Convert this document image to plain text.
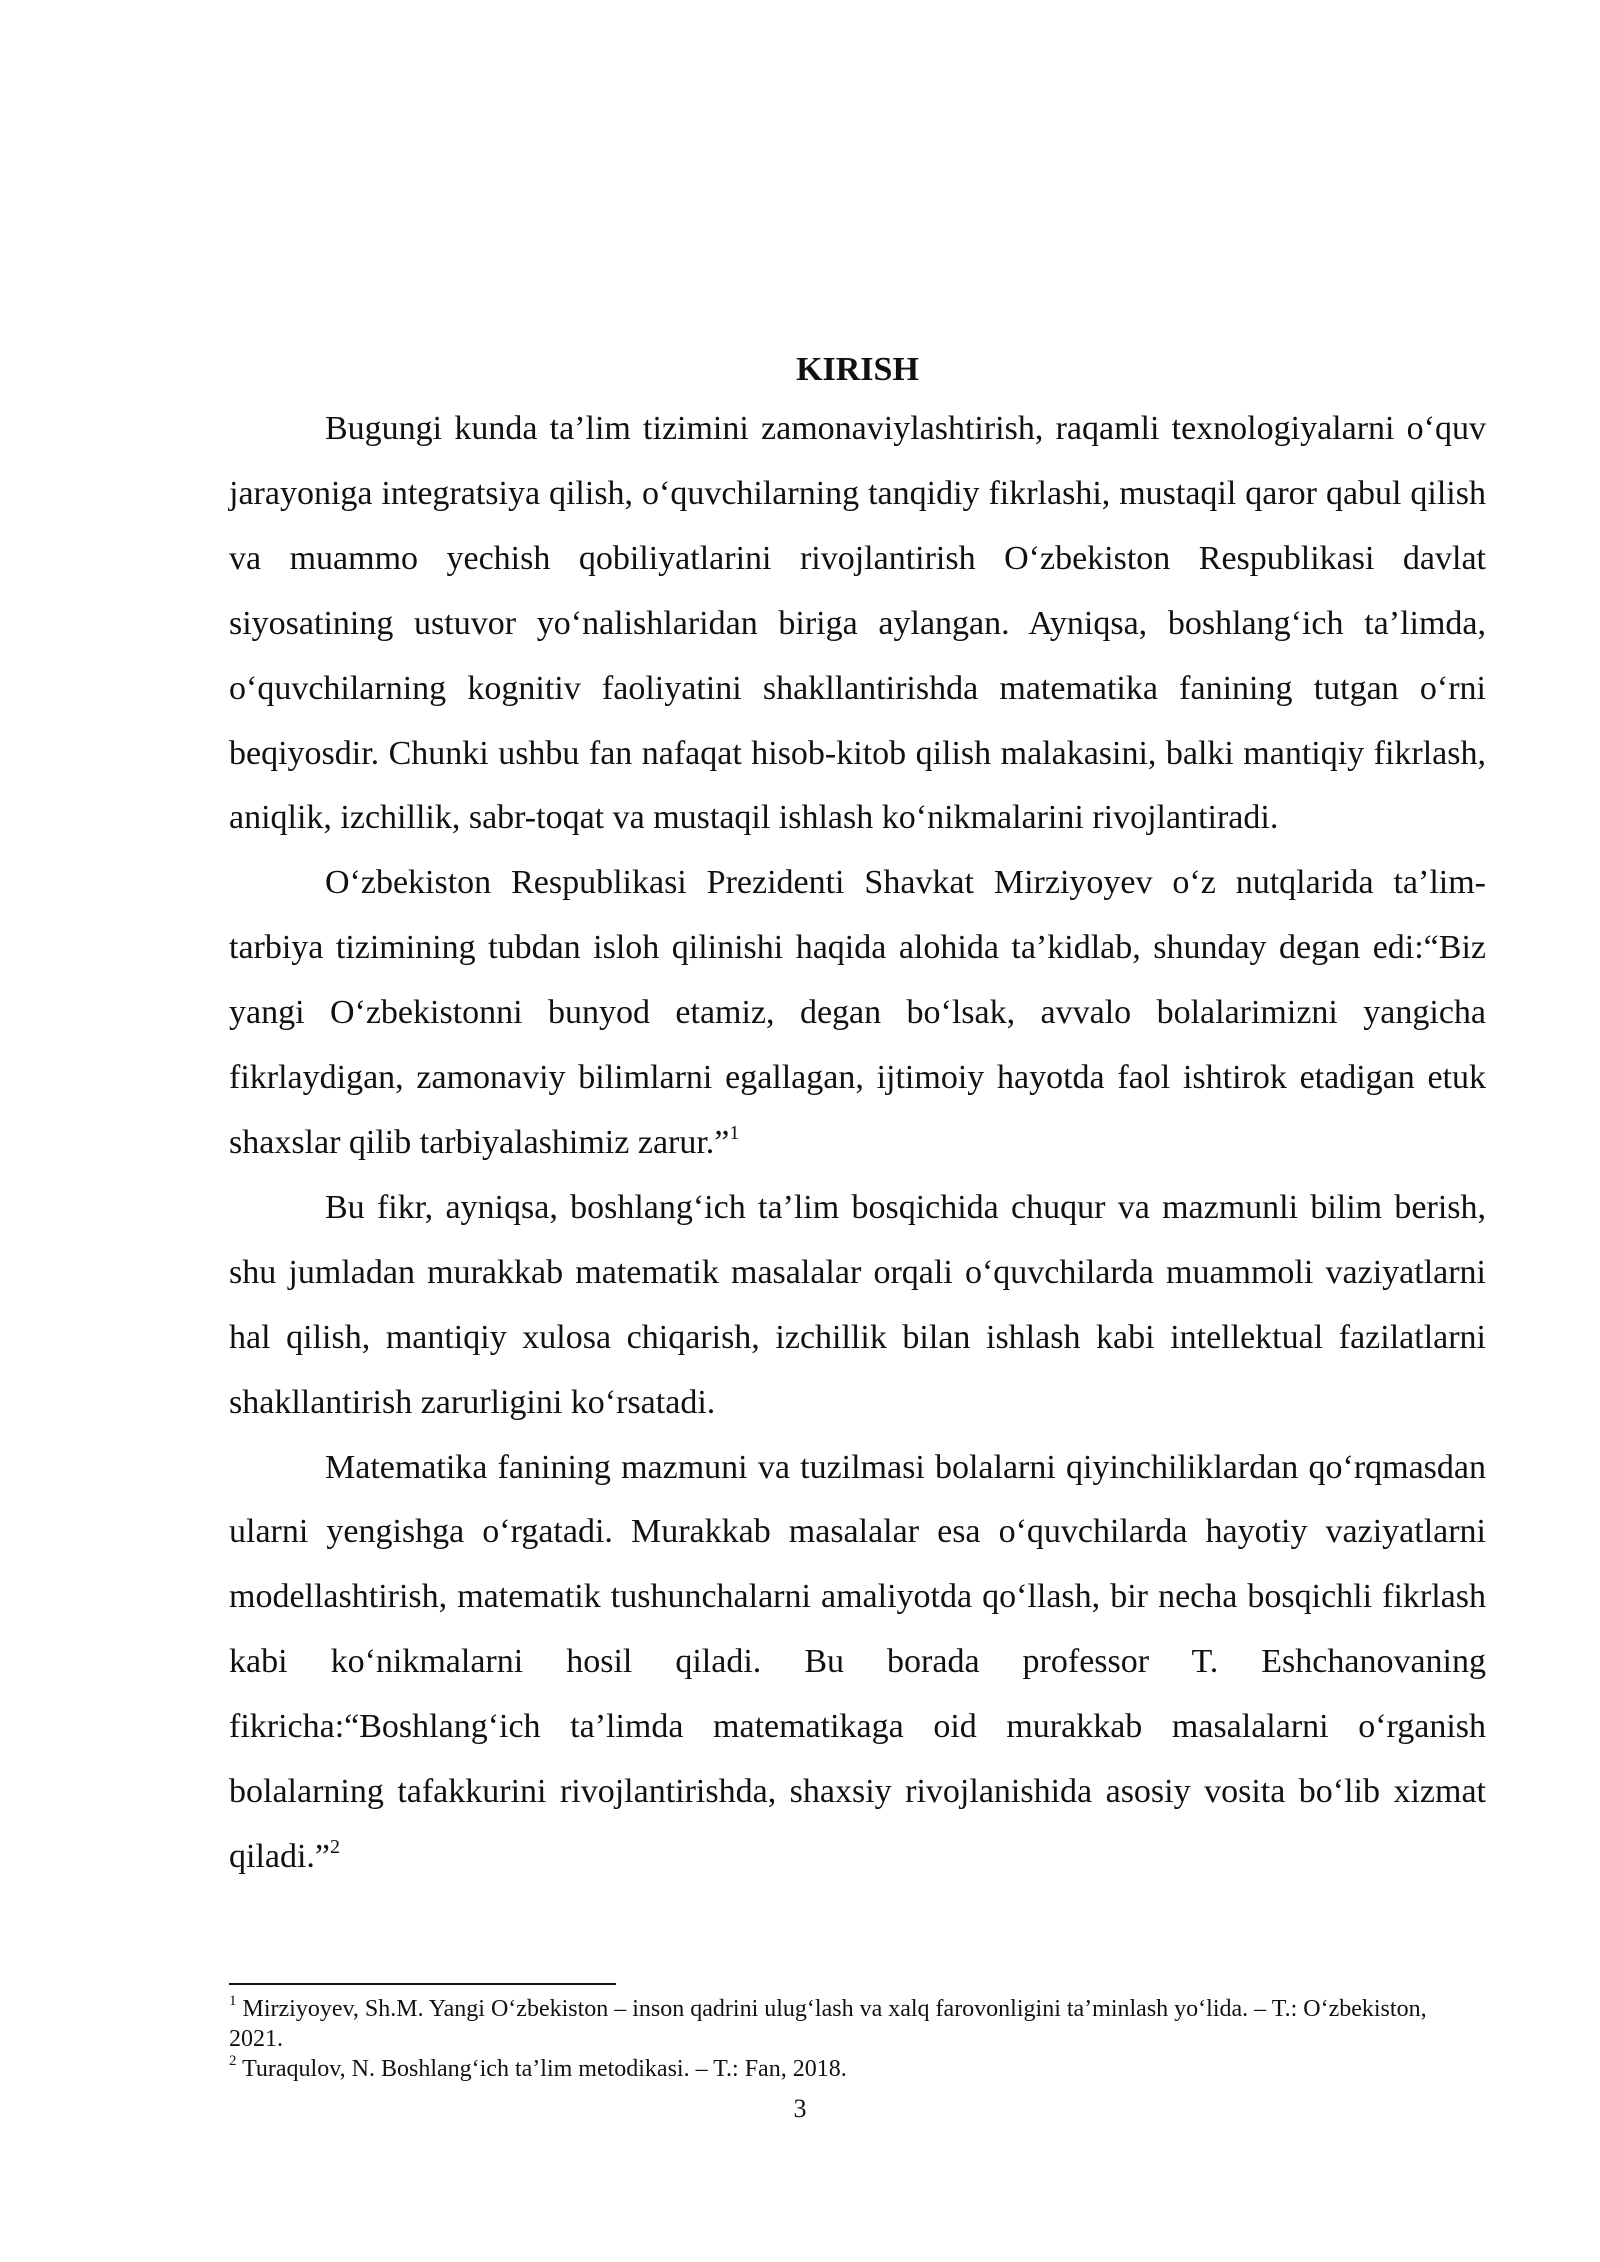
KIRISH

Bugungi kunda ta’lim tizimini zamonaviylashtirish, raqamli texnologiyalarni o‘quv jarayoniga integratsiya qilish, o‘quvchilarning tanqidiy fikrlashi, mustaqil qaror qabul qilish va muammo yechish qobiliyatlarini rivojlantirish O‘zbekiston Respublikasi davlat siyosatining ustuvor yo‘nalishlaridan biriga aylangan. Ayniqsa, boshlang‘ich ta’limda, o‘quvchilarning kognitiv faoliyatini shakllantirishda matematika fanining tutgan o‘rni beqiyosdir. Chunki ushbu fan nafaqat hisob-kitob qilish malakasini, balki mantiqiy fikrlash, aniqlik, izchillik, sabr-toqat va mustaqil ishlash ko‘nikmalarini rivojlantiradi.

O‘zbekiston Respublikasi Prezidenti Shavkat Mirziyoyev o‘z nutqlarida ta’lim-tarbiya tizimining tubdan isloh qilinishi haqida alohida ta’kidlab, shunday degan edi:“Biz yangi O‘zbekistonni bunyod etamiz, degan bo‘lsak, avvalo bolalarimizni yangicha fikrlaydigan, zamonaviy bilimlarni egallagan, ijtimoiy hayotda faol ishtirok etadigan etuk shaxslar qilib tarbiyalashimiz zarur.”$^1$

Bu fikr, ayniqsa, boshlang‘ich ta’lim bosqichida chuqur va mazmunli bilim berish, shu jumladan murakkab matematik masalalar orqali o‘quvchilarda muammoli vaziyatlarni hal qilish, mantiqiy xulosa chiqarish, izchillik bilan ishlash kabi intellektual fazilatlarni shakllantirish zarurligini ko‘rsatadi.

Matematika fanining mazmuni va tuzilmasi bolalarni qiyinchiliklardan qo‘rqmasdan ularni yengishga o‘rgatadi. Murakkab masalalar esa o‘quvchilarda hayotiy vaziyatlarni modellashtirish, matematik tushunchalarni amaliyotda qo‘llash, bir necha bosqichli fikrlash kabi ko‘nikmalarni hosil qiladi. Bu borada professor T. Eshchanovaning fikricha:“Boshlang‘ich ta’limda matematikaga oid murakkab masalalarni o‘rganish bolalarning tafakkurini rivojlantirishda, shaxsiy rivojlanishida asosiy vosita bo‘lib xizmat qiladi.”$^2$

$^1$ Mirziyoyev, Sh.M. Yangi O‘zbekiston – inson qadrini ulug‘lash va xalq farovonligini ta’minlash yo‘lida. – T.: O‘zbekiston, 2021.

$^2$ Turaqulov, N. Boshlang‘ich ta’lim metodikasi. – T.: Fan, 2018.

3
